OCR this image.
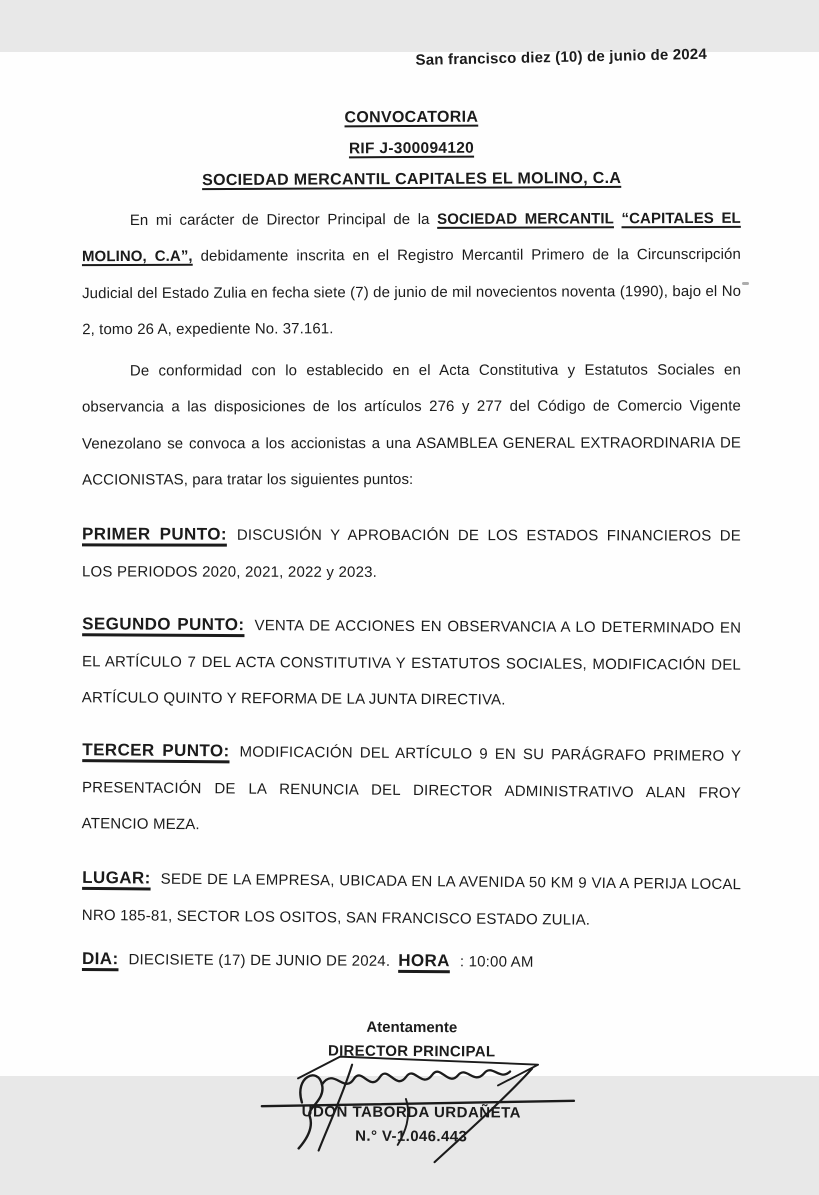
San francisco diez (10) de junio de 2024
CONVOCATORIA
RIF J-300094120
SOCIEDAD MERCANTIL CAPITALES EL MOLINO, C.A

En mi carácter de Director Principal de la SOCIEDAD MERCANTIL “CAPITALES EL MOLINO, C.A”, debidamente inscrita en el Registro Mercantil Primero de la Circunscripción Judicial del Estado Zulia en fecha siete (7) de junio de mil novecientos noventa (1990), bajo el No 2, tomo 26 A, expediente No. 37.161.

De conformidad con lo establecido en el Acta Constitutiva y Estatutos Sociales en observancia a las disposiciones de los artículos 276 y 277 del Código de Comercio Vigente Venezolano se convoca a los accionistas a una ASAMBLEA GENERAL EXTRAORDINARIA DE ACCIONISTAS, para tratar los siguientes puntos:

PRIMER PUNTO: DISCUSIÓN Y APROBACIÓN DE LOS ESTADOS FINANCIEROS DE LOS PERIODOS 2020, 2021, 2022 y 2023.

SEGUNDO PUNTO: VENTA DE ACCIONES EN OBSERVANCIA A LO DETERMINADO EN EL ARTÍCULO 7 DEL ACTA CONSTITUTIVA Y ESTATUTOS SOCIALES, MODIFICACIÓN DEL ARTÍCULO QUINTO Y REFORMA DE LA JUNTA DIRECTIVA.

TERCER PUNTO: MODIFICACIÓN DEL ARTÍCULO 9 EN SU PARÁGRAFO PRIMERO Y PRESENTACIÓN DE LA RENUNCIA DEL DIRECTOR ADMINISTRATIVO ALAN FROY ATENCIO MEZA.

LUGAR: SEDE DE LA EMPRESA, UBICADA EN LA AVENIDA 50 KM 9 VIA A PERIJA LOCAL NRO 185-81, SECTOR LOS OSITOS, SAN FRANCISCO ESTADO ZULIA.

DIA: DIECISIETE (17) DE JUNIO DE 2024. HORA : 10:00 AM

Atentamente
DIRECTOR PRINCIPAL
UDON TABORDA URDAÑETA
N.° V-1.046.443
